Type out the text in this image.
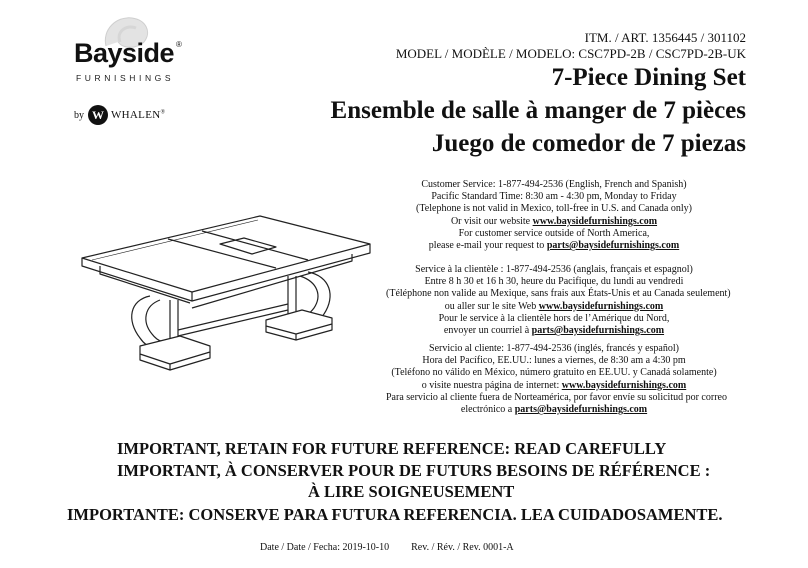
Bayside ®
FURNISHINGS
by W WHALEN®
ITM. / ART. 1356445 / 301102
MODEL / MODÈLE / MODELO: CSC7PD-2B / CSC7PD-2B-UK
7-Piece Dining Set
Ensemble de salle à manger de 7 pièces
Juego de comedor de 7 piezas
Customer Service: 1-877-494-2536 (English, French and Spanish)
Pacific Standard Time: 8:30 am - 4:30 pm, Monday to Friday
(Telephone is not valid in Mexico, toll-free in U.S. and Canada only)
Or visit our website www.baysidefurnishings.com
For customer service outside of North America,
please e-mail your request to parts@baysidefurnishings.com
Service à la clientèle : 1-877-494-2536 (anglais, français et espagnol)
Entre 8 h 30 et 16 h 30, heure du Pacifique, du lundi au vendredi
(Téléphone non valide au Mexique, sans frais aux États-Unis et au Canada seulement)
ou aller sur le site Web www.baysidefurnishings.com
Pour le service à la clientèle hors de l’Amérique du Nord,
envoyer un courriel à parts@baysidefurnishings.com
Servicio al cliente: 1-877-494-2536 (inglés, francés y español)
Hora del Pacífico, EE.UU.: lunes a viernes, de 8:30 am a 4:30 pm
(Teléfono no válido en México, número gratuito en EE.UU. y Canadá solamente)
o visite nuestra página de internet: www.baysidefurnishings.com
Para servicio al cliente fuera de Norteamérica, por favor envíe su solicitud por correo
electrónico a parts@baysidefurnishings.com
IMPORTANT, RETAIN FOR FUTURE REFERENCE: READ CAREFULLY
IMPORTANT, À CONSERVER POUR DE FUTURS BESOINS DE RÉFÉRENCE :
À LIRE SOIGNEUSEMENT
IMPORTANTE: CONSERVE PARA FUTURA REFERENCIA. LEA CUIDADOSAMENTE.
Date / Date / Fecha: 2019-10-10 Rev. / Rév. / Rev. 0001-A
